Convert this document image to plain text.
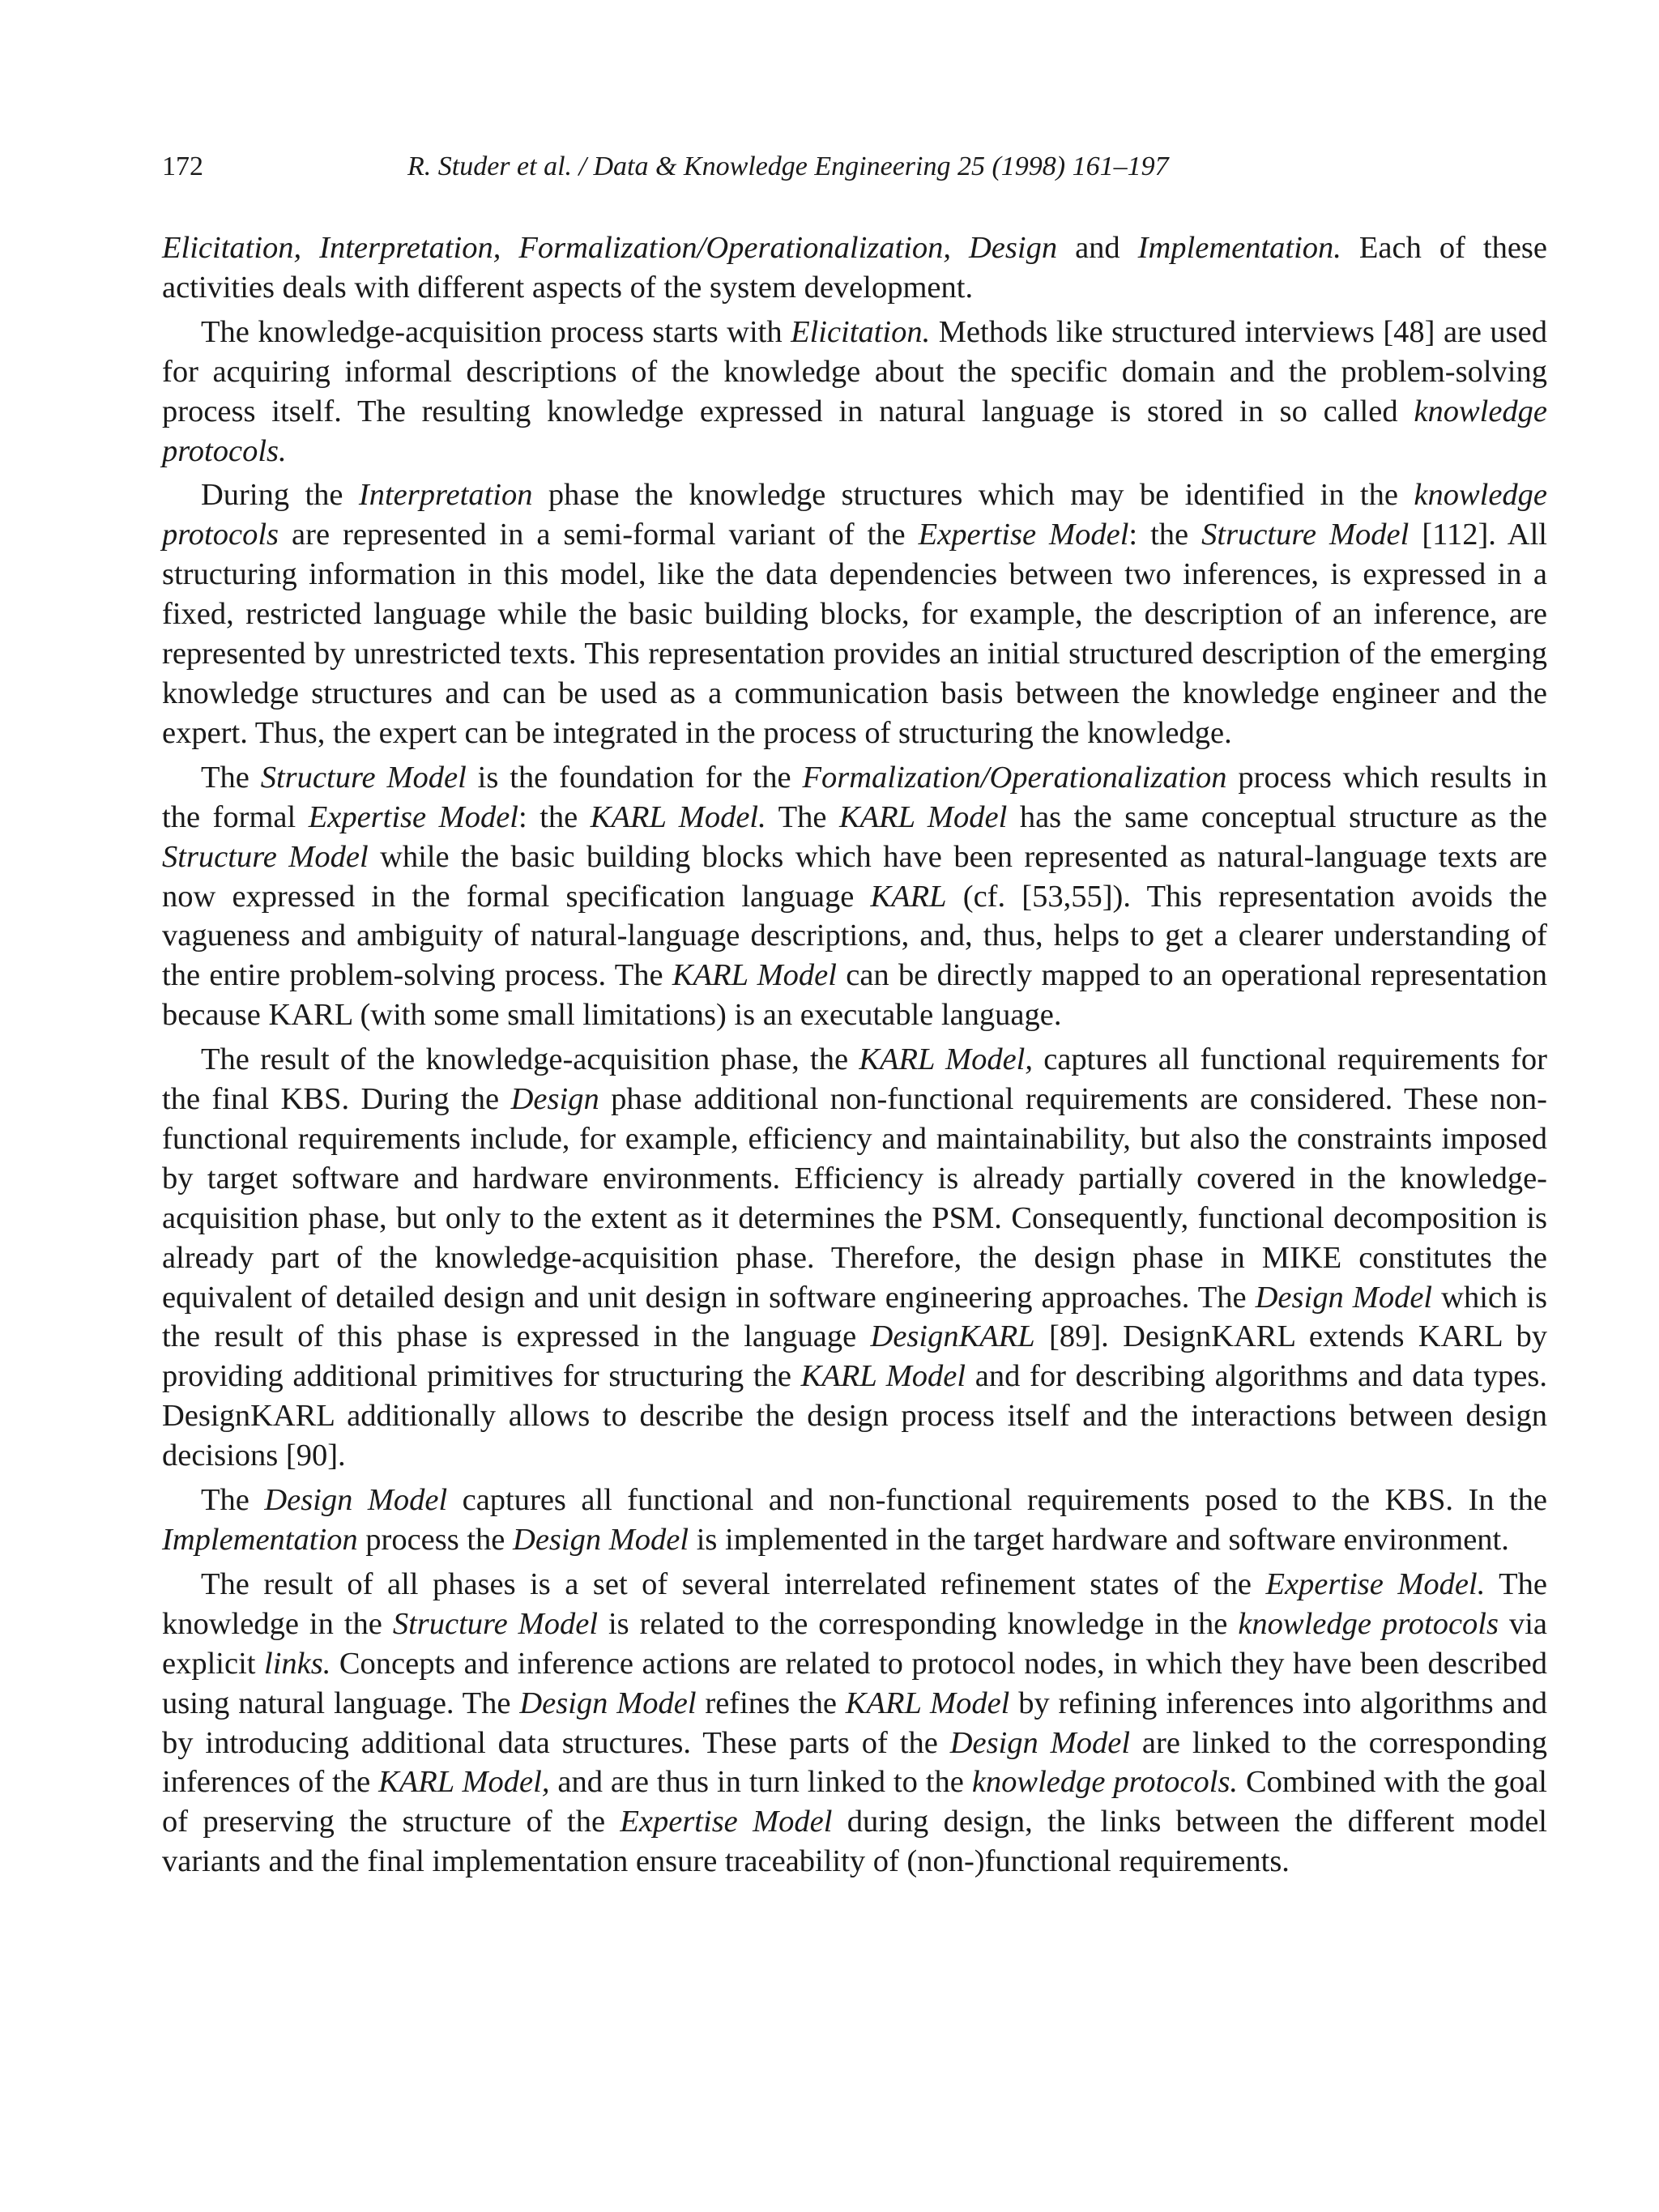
172	R. Studer et al. / Data & Knowledge Engineering 25 (1998) 161–197

Elicitation, Interpretation, Formalization/Operationalization, Design and Implementation. Each of these activities deals with different aspects of the system development.

The knowledge-acquisition process starts with Elicitation. Methods like structured interviews [48] are used for acquiring informal descriptions of the knowledge about the specific domain and the problem-solving process itself. The resulting knowledge expressed in natural language is stored in so called knowledge protocols.

During the Interpretation phase the knowledge structures which may be identified in the knowledge protocols are represented in a semi-formal variant of the Expertise Model: the Structure Model [112]. All structuring information in this model, like the data dependencies between two inferences, is expressed in a fixed, restricted language while the basic building blocks, for example, the description of an inference, are represented by unrestricted texts. This representation provides an initial structured description of the emerging knowledge structures and can be used as a communication basis between the knowledge engineer and the expert. Thus, the expert can be integrated in the process of structuring the knowledge.

The Structure Model is the foundation for the Formalization/Operationalization process which results in the formal Expertise Model: the KARL Model. The KARL Model has the same conceptual structure as the Structure Model while the basic building blocks which have been represented as natural-language texts are now expressed in the formal specification language KARL (cf. [53,55]). This representation avoids the vagueness and ambiguity of natural-language descriptions, and, thus, helps to get a clearer understanding of the entire problem-solving process. The KARL Model can be directly mapped to an operational representation because KARL (with some small limitations) is an executable language.

The result of the knowledge-acquisition phase, the KARL Model, captures all functional requirements for the final KBS. During the Design phase additional non-functional requirements are considered. These non-functional requirements include, for example, efficiency and maintainability, but also the constraints imposed by target software and hardware environments. Efficiency is already partially covered in the knowledge-acquisition phase, but only to the extent as it determines the PSM. Consequently, functional decomposition is already part of the knowledge-acquisition phase. Therefore, the design phase in MIKE constitutes the equivalent of detailed design and unit design in software engineering approaches. The Design Model which is the result of this phase is expressed in the language DesignKARL [89]. DesignKARL extends KARL by providing additional primitives for structuring the KARL Model and for describing algorithms and data types. DesignKARL additionally allows to describe the design process itself and the interactions between design decisions [90].

The Design Model captures all functional and non-functional requirements posed to the KBS. In the Implementation process the Design Model is implemented in the target hardware and software environment.

The result of all phases is a set of several interrelated refinement states of the Expertise Model. The knowledge in the Structure Model is related to the corresponding knowledge in the knowledge protocols via explicit links. Concepts and inference actions are related to protocol nodes, in which they have been described using natural language. The Design Model refines the KARL Model by refining inferences into algorithms and by introducing additional data structures. These parts of the Design Model are linked to the corresponding inferences of the KARL Model, and are thus in turn linked to the knowledge protocols. Combined with the goal of preserving the structure of the Expertise Model during design, the links between the different model variants and the final implementation ensure traceability of (non-)functional requirements.
